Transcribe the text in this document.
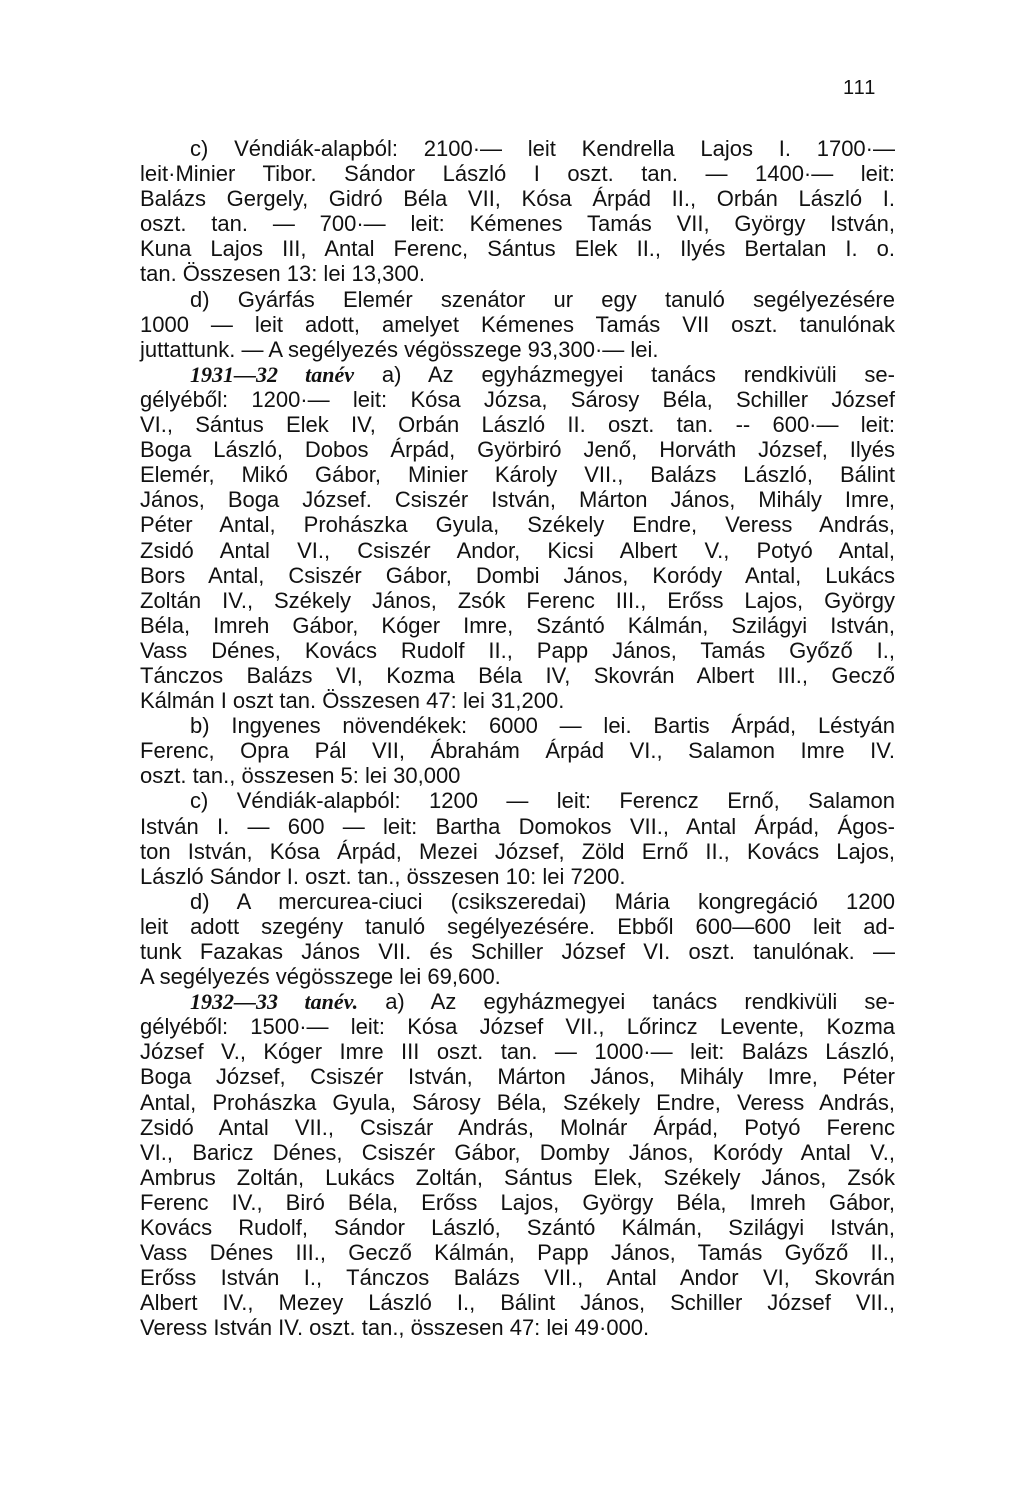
111
c) Véndiák-alapból: 2100·— leit Kendrella Lajos I. 1700·—
leit·Minier Tibor. Sándor László I oszt. tan. — 1400·— leit:
Balázs Gergely, Gidró Béla VII, Kósa Árpád II., Orbán László I.
oszt. tan. — 700·— leit: Kémenes Tamás VII, György István,
Kuna Lajos III, Antal Ferenc, Sántus Elek II., Ilyés Bertalan I. o.
tan. Összesen 13: lei 13,300.
d) Gyárfás Elemér szenátor ur egy tanuló segélyezésére
1000 — leit adott, amelyet Kémenes Tamás VII oszt. tanulónak
juttattunk. — A segélyezés végösszege 93,300·— lei.
1931—32 tanév a) Az egyházmegyei tanács rendkivüli se-
gélyéből: 1200·— leit: Kósa Józsa, Sárosy Béla, Schiller József
VI., Sántus Elek IV, Orbán László II. oszt. tan. -- 600·— leit:
Boga László, Dobos Árpád, Györbiró Jenő, Horváth József, Ilyés
Elemér, Mikó Gábor, Minier Károly VII., Balázs László, Bálint
János, Boga József. Csiszér István, Márton János, Mihály Imre,
Péter Antal, Prohászka Gyula, Székely Endre, Veress András,
Zsidó Antal VI., Csiszér Andor, Kicsi Albert V., Potyó Antal,
Bors Antal, Csiszér Gábor, Dombi János, Koródy Antal, Lukács
Zoltán IV., Székely János, Zsók Ferenc III., Erőss Lajos, György
Béla, Imreh Gábor, Kóger Imre, Szántó Kálmán, Szilágyi István,
Vass Dénes, Kovács Rudolf II., Papp János, Tamás Győző I.,
Tánczos Balázs VI, Kozma Béla IV, Skovrán Albert III., Gecző
Kálmán I oszt tan. Összesen 47: lei 31,200.
b) Ingyenes növendékek: 6000 — lei. Bartis Árpád, Léstyán
Ferenc, Opra Pál VII, Ábrahám Árpád VI., Salamon Imre IV.
oszt. tan., összesen 5: lei 30,000
c) Véndiák-alapból: 1200 — leit: Ferencz Ernő, Salamon
István I. — 600 — leit: Bartha Domokos VII., Antal Árpád, Ágos-
ton István, Kósa Árpád, Mezei József, Zöld Ernő II., Kovács Lajos,
László Sándor I. oszt. tan., összesen 10: lei 7200.
d) A mercurea-ciuci (csikszeredai) Mária kongregáció 1200
leit adott szegény tanuló segélyezésére. Ebből 600—600 leit ad-
tunk Fazakas János VII. és Schiller József VI. oszt. tanulónak. —
A segélyezés végösszege lei 69,600.
1932—33 tanév. a) Az egyházmegyei tanács rendkivüli se-
gélyéből: 1500·— leit: Kósa József VII., Lőrincz Levente, Kozma
József V., Kóger Imre III oszt. tan. — 1000·— leit: Balázs László,
Boga József, Csiszér István, Márton János, Mihály Imre, Péter
Antal, Prohászka Gyula, Sárosy Béla, Székely Endre, Veress András,
Zsidó Antal VII., Csiszár András, Molnár Árpád, Potyó Ferenc
VI., Baricz Dénes, Csiszér Gábor, Domby János, Koródy Antal V.,
Ambrus Zoltán, Lukács Zoltán, Sántus Elek, Székely János, Zsók
Ferenc IV., Biró Béla, Erőss Lajos, György Béla, Imreh Gábor,
Kovács Rudolf, Sándor László, Szántó Kálmán, Szilágyi István,
Vass Dénes III., Gecző Kálmán, Papp János, Tamás Győző II.,
Erőss István I., Tánczos Balázs VII., Antal Andor VI, Skovrán
Albert IV., Mezey László I., Bálint János, Schiller József VII.,
Veress István IV. oszt. tan., összesen 47: lei 49·000.
